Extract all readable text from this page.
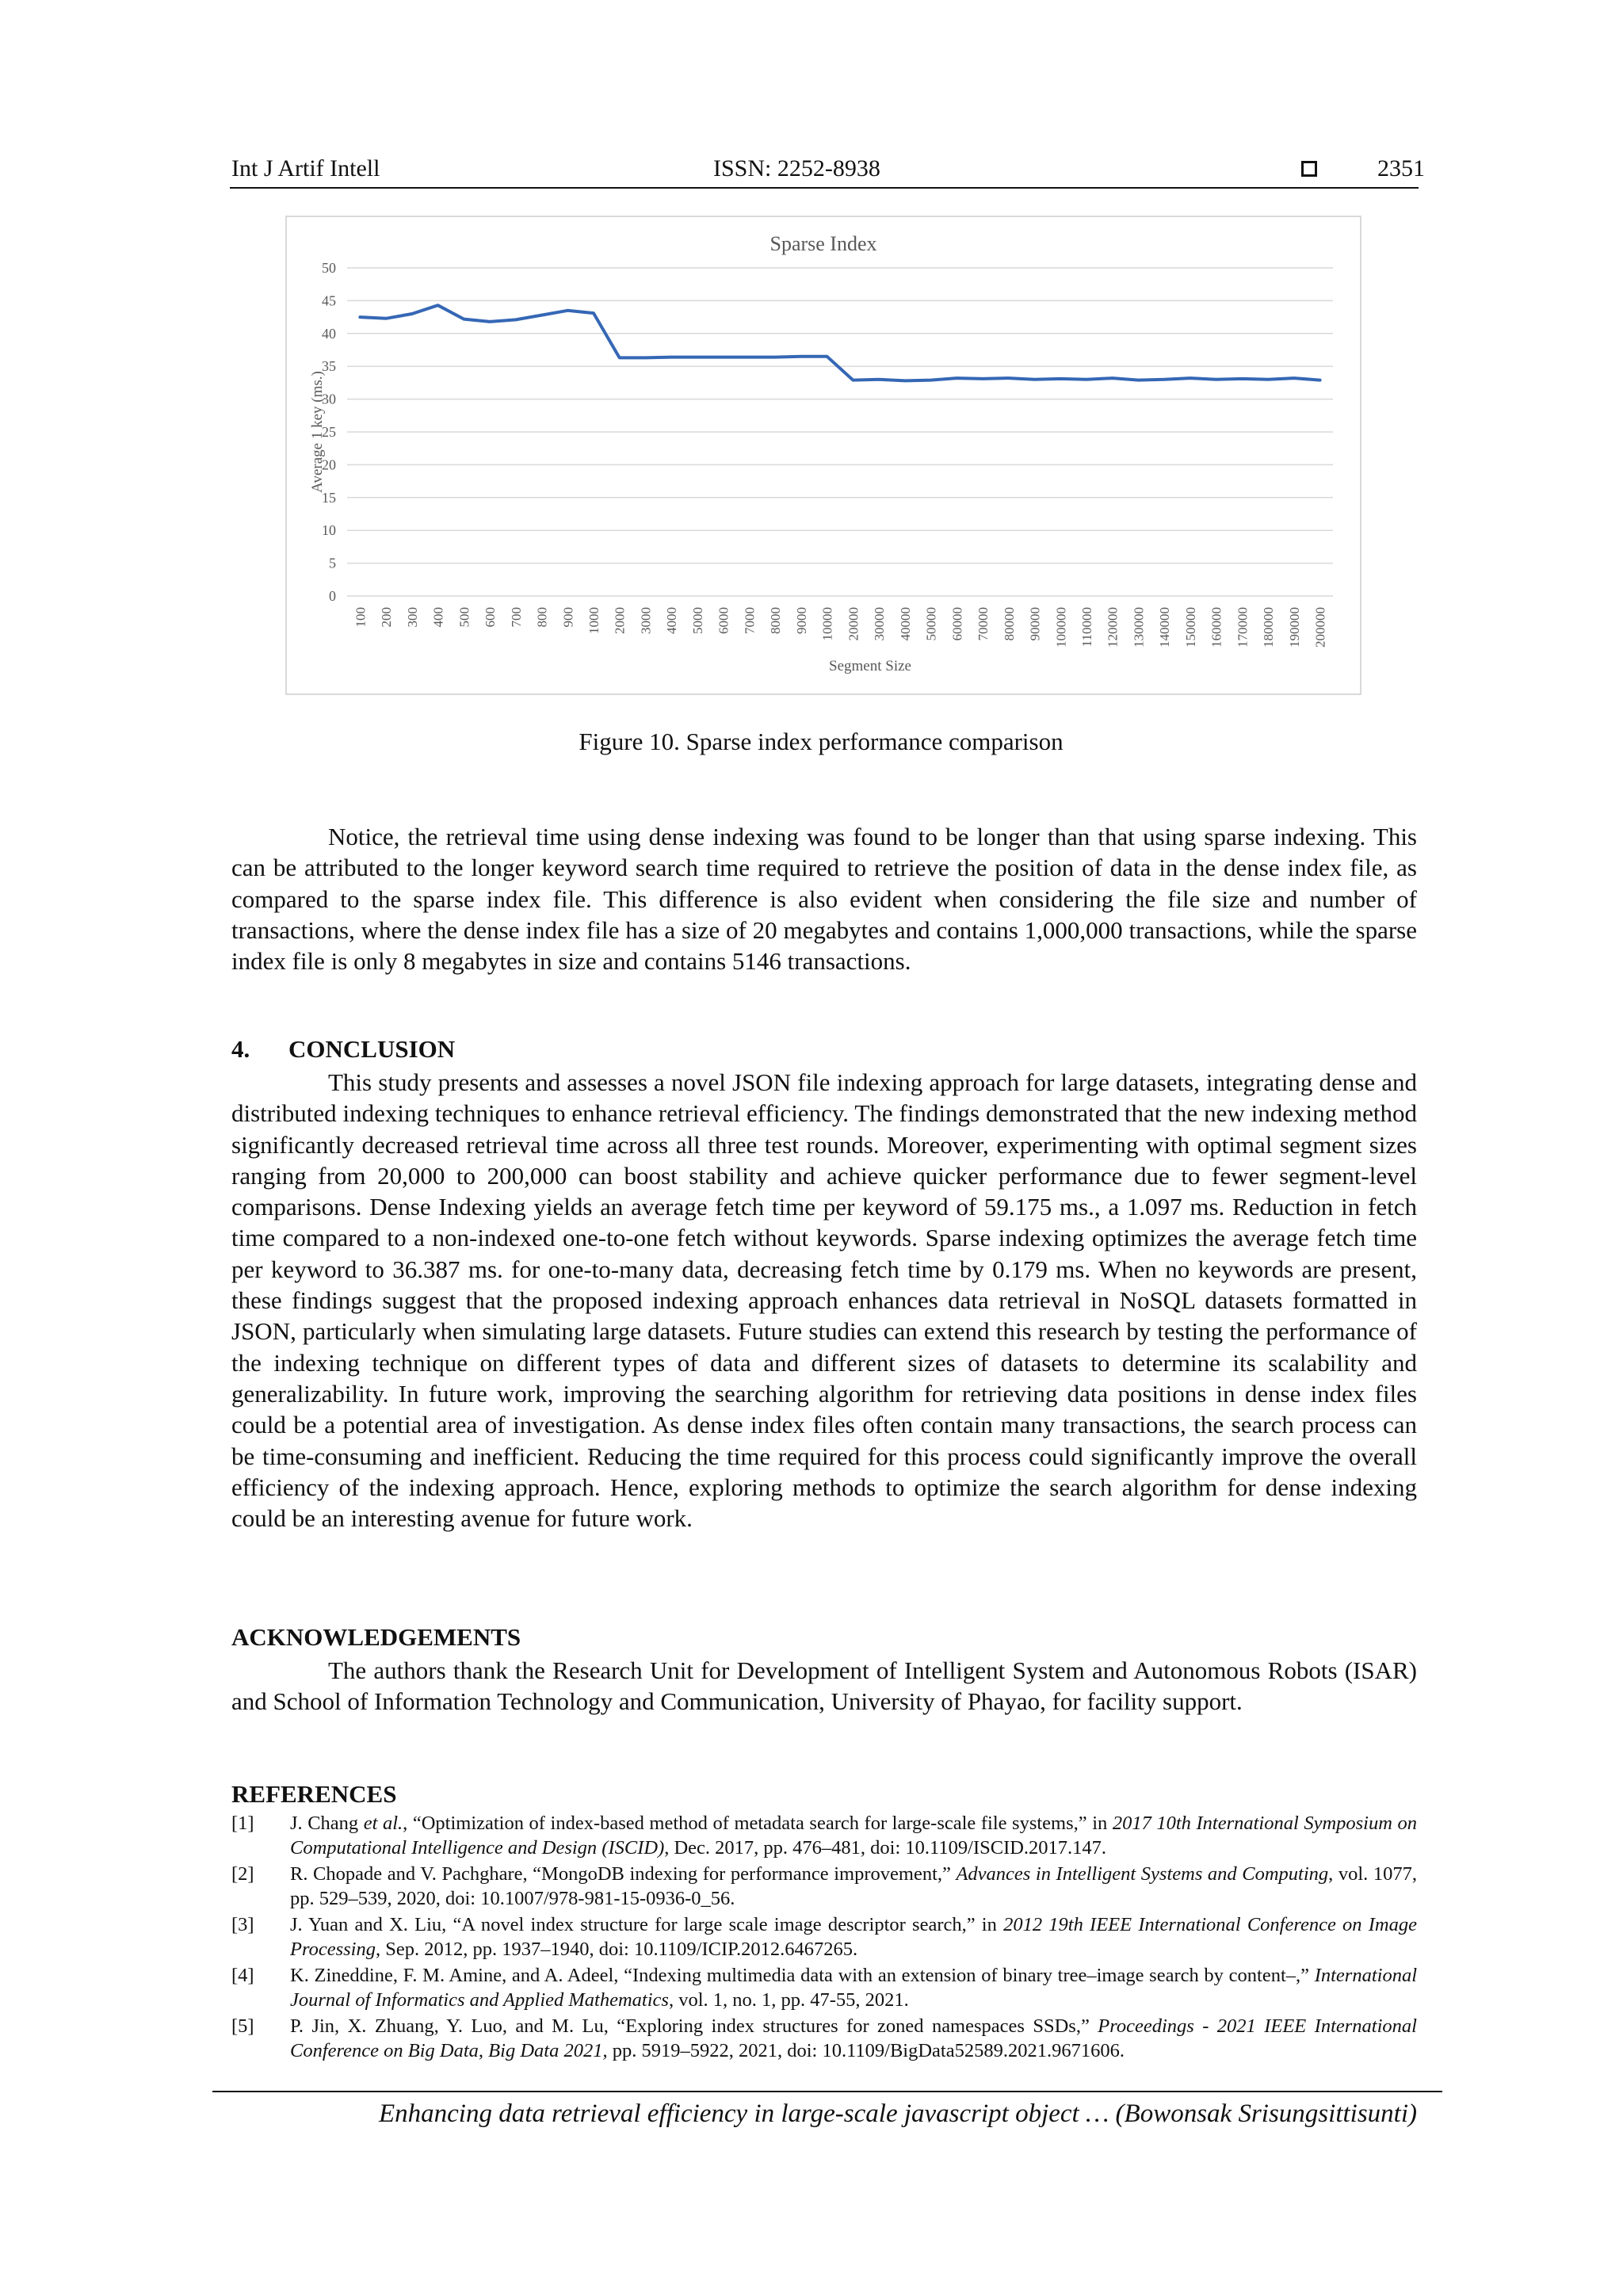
Int J Artif Intell	ISSN: 2252-8938	2351
Sparse Index
0
5
10
15
20
25
30
35
40
45
50
100 200 300 400 500 600 700 800 900 1000 2000 3000 4000 5000 6000 7000 8000 9000 10000 20000 30000 40000 50000 60000 70000 80000 90000 100000 110000 120000 130000 140000 150000 160000 170000 180000 190000 200000
Average 1 key (ms.)
Segment Size
Figure 10. Sparse index performance comparison
Notice, the retrieval time using dense indexing was found to be longer than that using sparse indexing. This can be attributed to the longer keyword search time required to retrieve the position of data in the dense index file, as compared to the sparse index file. This difference is also evident when considering the file size and number of transactions, where the dense index file has a size of 20 megabytes and contains 1,000,000 transactions, while the sparse index file is only 8 megabytes in size and contains 5146 transactions.
4. CONCLUSION
This study presents and assesses a novel JSON file indexing approach for large datasets, integrating dense and distributed indexing techniques to enhance retrieval efficiency. The findings demonstrated that the new indexing method significantly decreased retrieval time across all three test rounds. Moreover, experimenting with optimal segment sizes ranging from 20,000 to 200,000 can boost stability and achieve quicker performance due to fewer segment-level comparisons. Dense Indexing yields an average fetch time per keyword of 59.175 ms., a 1.097 ms. Reduction in fetch time compared to a non-indexed one-to-one fetch without keywords. Sparse indexing optimizes the average fetch time per keyword to 36.387 ms. for one-to-many data, decreasing fetch time by 0.179 ms. When no keywords are present, these findings suggest that the proposed indexing approach enhances data retrieval in NoSQL datasets formatted in JSON, particularly when simulating large datasets. Future studies can extend this research by testing the performance of the indexing technique on different types of data and different sizes of datasets to determine its scalability and generalizability. In future work, improving the searching algorithm for retrieving data positions in dense index files could be a potential area of investigation. As dense index files often contain many transactions, the search process can be time-consuming and inefficient. Reducing the time required for this process could significantly improve the overall efficiency of the indexing approach. Hence, exploring methods to optimize the search algorithm for dense indexing could be an interesting avenue for future work.
ACKNOWLEDGEMENTS
The authors thank the Research Unit for Development of Intelligent System and Autonomous Robots (ISAR) and School of Information Technology and Communication, University of Phayao, for facility support.
REFERENCES
[1]	J. Chang et al., “Optimization of index-based method of metadata search for large-scale file systems,” in 2017 10th International Symposium on Computational Intelligence and Design (ISCID), Dec. 2017, pp. 476–481, doi: 10.1109/ISCID.2017.147.
[2]	R. Chopade and V. Pachghare, “MongoDB indexing for performance improvement,” Advances in Intelligent Systems and Computing, vol. 1077, pp. 529–539, 2020, doi: 10.1007/978-981-15-0936-0_56.
[3]	J. Yuan and X. Liu, “A novel index structure for large scale image descriptor search,” in 2012 19th IEEE International Conference on Image Processing, Sep. 2012, pp. 1937–1940, doi: 10.1109/ICIP.2012.6467265.
[4]	K. Zineddine, F. M. Amine, and A. Adeel, “Indexing multimedia data with an extension of binary tree–image search by content–,” International Journal of Informatics and Applied Mathematics, vol. 1, no. 1, pp. 47-55, 2021.
[5]	P. Jin, X. Zhuang, Y. Luo, and M. Lu, “Exploring index structures for zoned namespaces SSDs,” Proceedings - 2021 IEEE International Conference on Big Data, Big Data 2021, pp. 5919–5922, 2021, doi: 10.1109/BigData52589.2021.9671606.
Enhancing data retrieval efficiency in large-scale javascript object … (Bowonsak Srisungsittisunti)
